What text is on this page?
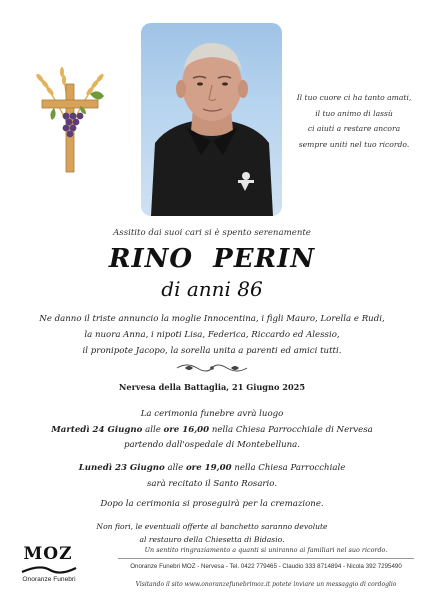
Il tuo cuore ci ha tanto amati,
il tuo animo di lassù
ci aiuti a restare ancora
sempre uniti nel tuo ricordo.
Assitito dai suoi cari si è spento serenamente
RINO  PERIN
di anni 86
Ne danno il triste annuncio la moglie Innocentina, i figli Mauro, Lorella e Rudi,
la nuora Anna, i nipoti Lisa, Federica, Riccardo ed Alessio,
il pronipote Jacopo, la sorella unita a parenti ed amici tutti.
Nervesa della Battaglia, 21 Giugno 2025
La cerimonia funebre avrà luogo
Martedì 24 Giugno alle ore 16,00 nella Chiesa Parrocchiale di Nervesa
partendo dall'ospedale di Montebelluna.
Lunedì 23 Giugno alle ore 19,00 nella Chiesa Parrocchiale
sarà recitato il Santo Rosario.
Dopo la cerimonia si proseguirà per la cremazione.
Non fiori, le eventuali offerte al banchetto saranno devolute
al restauro della Chiesetta di Bidasio.
MOZ
Onoranze Funebri
Un sentito ringraziamento a quanti si uniranno ai familiari nel suo ricordo.
Onoranze Funebri MOZ - Nervesa - Tel. 0422 779465 - Claudio 333 8714894 - Nicola 392 7295490
Visitando il sito www.onoranzefunebrimoz.it potete inviare un messaggio di cordoglio
